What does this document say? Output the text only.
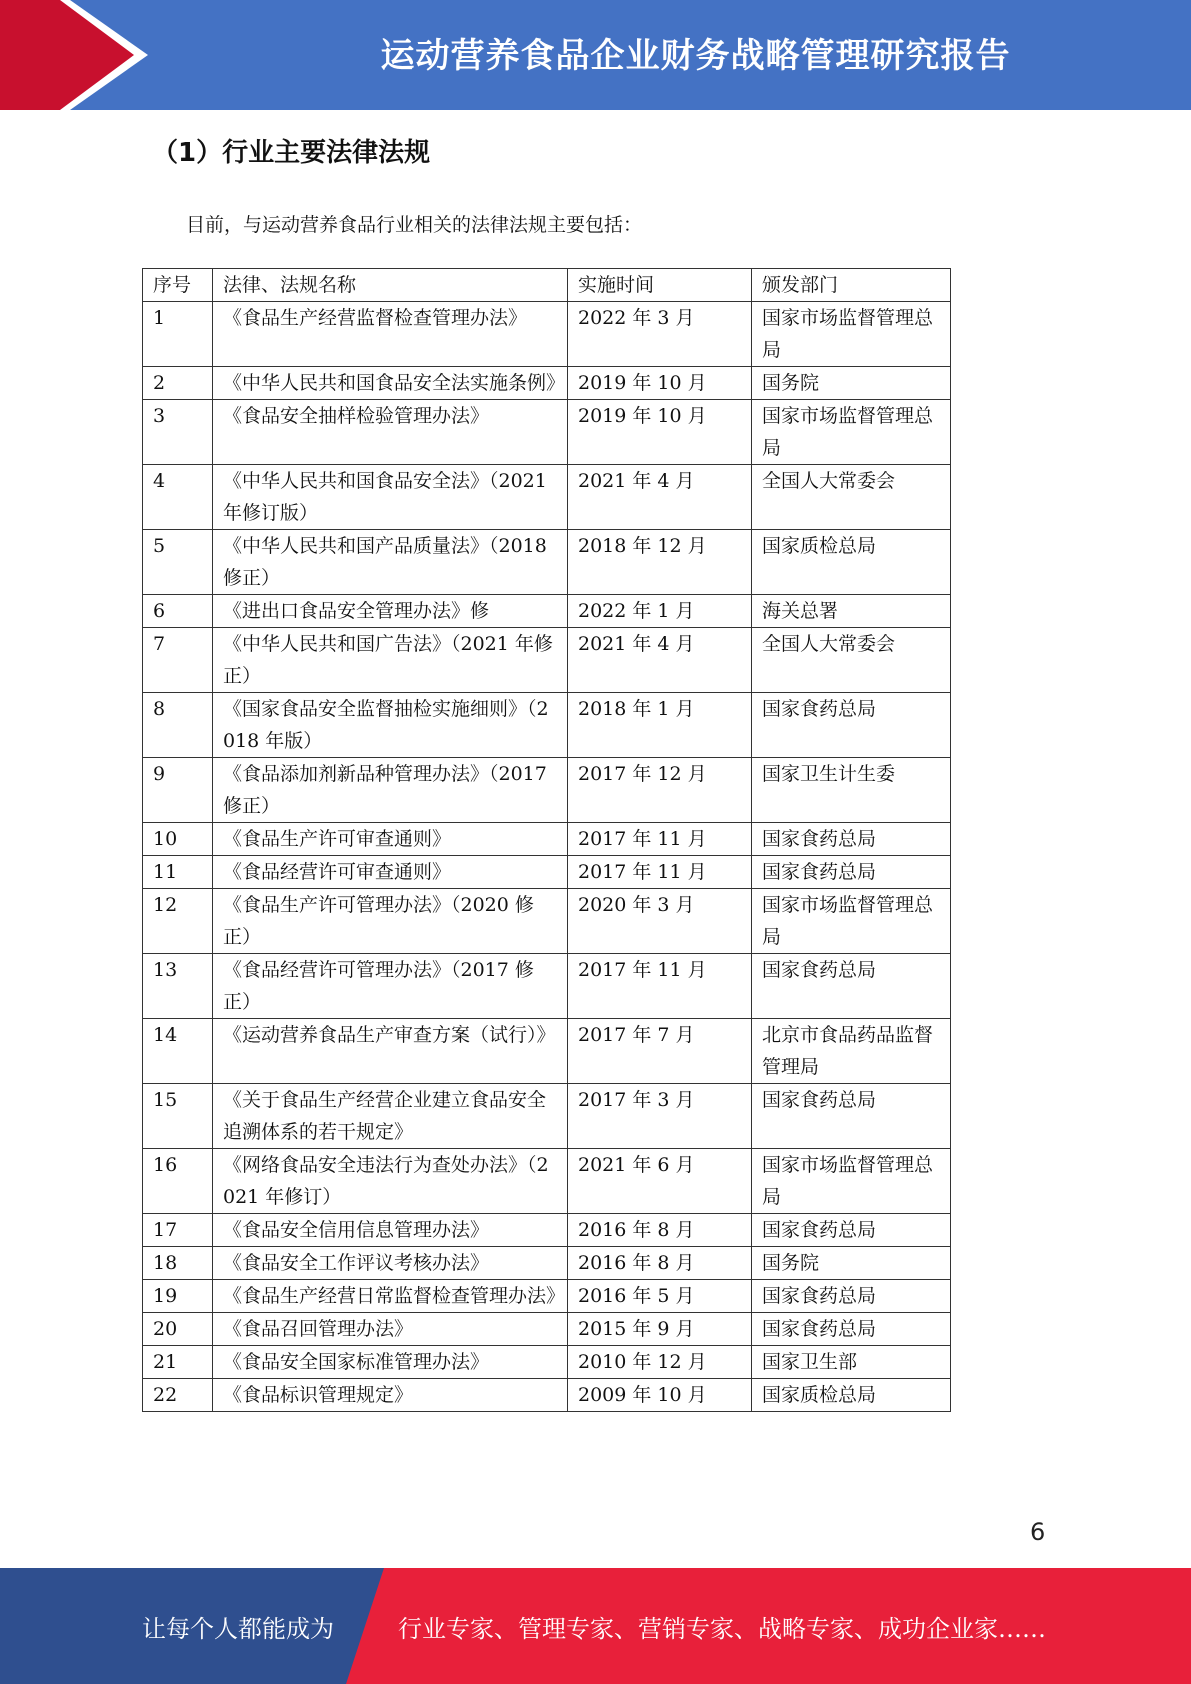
运动营养食品企业财务战略管理研究报告
（1）行业主要法律法规
目前，与运动营养食品行业相关的法律法规主要包括：
序号	法律、法规名称	实施时间	颁发部门
1	《食品生产经营监督检查管理办法》	2022 年 3 月	国家市场监督管理总局
2	《中华人民共和国食品安全法实施条例》	2019 年 10 月	国务院
3	《食品安全抽样检验管理办法》	2019 年 10 月	国家市场监督管理总局
4	《中华人民共和国食品安全法》（2021 年修订版）	2021 年 4 月	全国人大常委会
5	《中华人民共和国产品质量法》（2018 修正）	2018 年 12 月	国家质检总局
6	《进出口食品安全管理办法》修	2022 年 1 月	海关总署
7	《中华人民共和国广告法》（2021 年修正）	2021 年 4 月	全国人大常委会
8	《国家食品安全监督抽检实施细则》（2018 年版）	2018 年 1 月	国家食药总局
9	《食品添加剂新品种管理办法》（2017 修正）	2017 年 12 月	国家卫生计生委
10	《食品生产许可审查通则》	2017 年 11 月	国家食药总局
11	《食品经营许可审查通则》	2017 年 11 月	国家食药总局
12	《食品生产许可管理办法》（2020 修正）	2020 年 3 月	国家市场监督管理总局
13	《食品经营许可管理办法》（2017 修正）	2017 年 11 月	国家食药总局
14	《运动营养食品生产审查方案（试行）》	2017 年 7 月	北京市食品药品监督管理局
15	《关于食品生产经营企业建立食品安全追溯体系的若干规定》	2017 年 3 月	国家食药总局
16	《网络食品安全违法行为查处办法》（2021 年修订）	2021 年 6 月	国家市场监督管理总局
17	《食品安全信用信息管理办法》	2016 年 8 月	国家食药总局
18	《食品安全工作评议考核办法》	2016 年 8 月	国务院
19	《食品生产经营日常监督检查管理办法》	2016 年 5 月	国家食药总局
20	《食品召回管理办法》	2015 年 9 月	国家食药总局
21	《食品安全国家标准管理办法》	2010 年 12 月	国家卫生部
22	《食品标识管理规定》	2009 年 10 月	国家质检总局
6
让每个人都能成为	行业专家、管理专家、营销专家、战略专家、成功企业家……
